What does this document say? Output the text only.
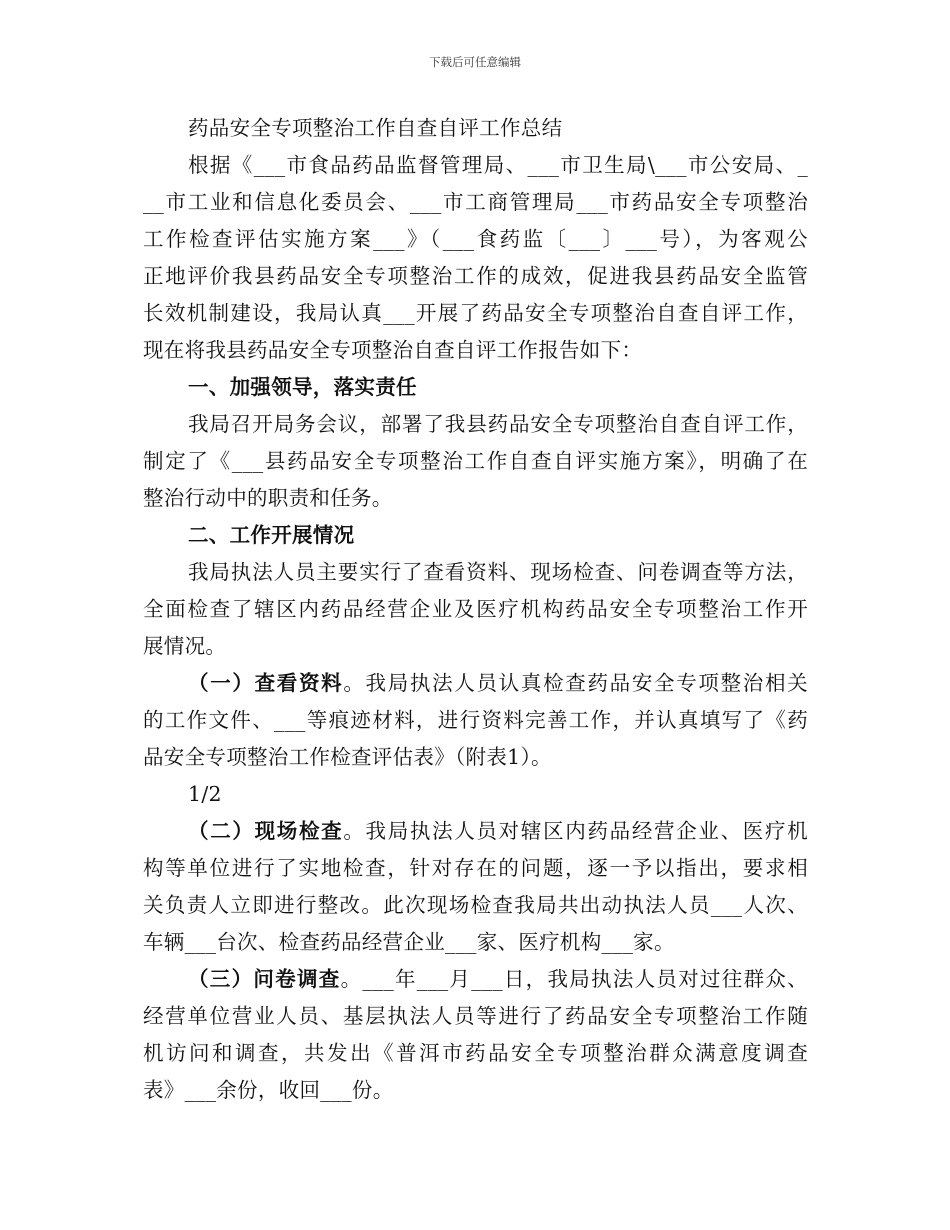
下载后可任意编辑
药品安全专项整治工作自查自评工作总结
根据《___市食品药品监督管理局、___市卫生局\___市公安局、_
__市工业和信息化委员会、___市工商管理局___市药品安全专项整治
工作检查评估实施方案___》（___食药监〔___〕___号），为客观公
正地评价我县药品安全专项整治工作的成效，促进我县药品安全监管
长效机制建设，我局认真___开展了药品安全专项整治自查自评工作，
现在将我县药品安全专项整治自查自评工作报告如下：
一、加强领导，落实责任
我局召开局务会议，部署了我县药品安全专项整治自查自评工作，
制定了《___县药品安全专项整治工作自查自评实施方案》，明确了在
整治行动中的职责和任务。
二、工作开展情况
我局执法人员主要实行了查看资料、现场检查、问卷调查等方法，
全面检查了辖区内药品经营企业及医疗机构药品安全专项整治工作开
展情况。
（一）查看资料。我局执法人员认真检查药品安全专项整治相关
的工作文件、___等痕迹材料，进行资料完善工作，并认真填写了《药
品安全专项整治工作检查评估表》（附表1）。
1/2
（二）现场检查。我局执法人员对辖区内药品经营企业、医疗机
构等单位进行了实地检查，针对存在的问题，逐一予以指出，要求相
关负责人立即进行整改。此次现场检查我局共出动执法人员___人次、
车辆___台次、检查药品经营企业___家、医疗机构___家。
（三）问卷调查。___年___月___日，我局执法人员对过往群众、
经营单位营业人员、基层执法人员等进行了药品安全专项整治工作随
机访问和调查，共发出《普洱市药品安全专项整治群众满意度调查
表》___余份，收回___份。
